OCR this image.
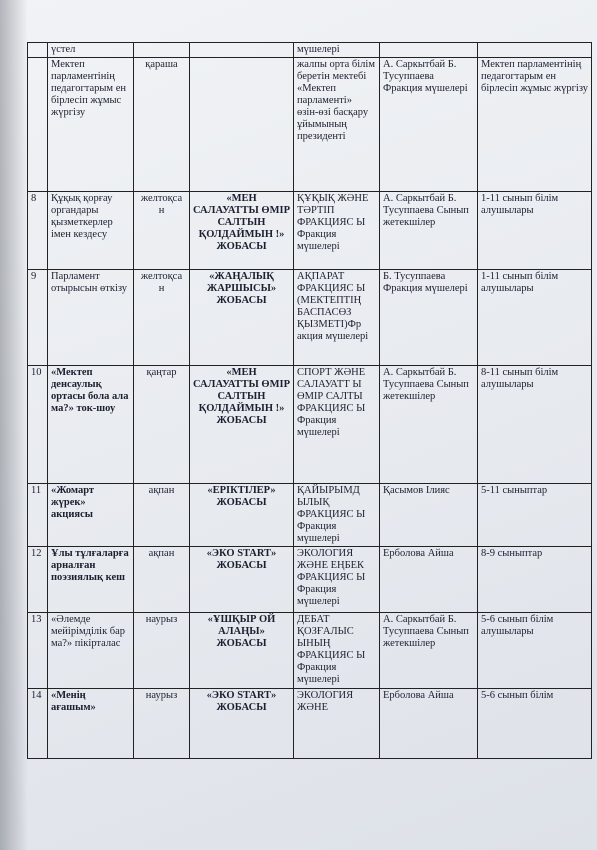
	үстел			мүшелері		
	Мектеп парламентінің педагогтарым ен бірлесіп жұмыс жүргізу	қараша		жалпы орта білім беретін мектебі «Мектеп парламенті» өзін-өзі басқару ұйымының президенті	А. Саркытбай Б. Тусуппаева Фракция мүшелері	Мектеп парламентінің педагогтарым ен бірлесіп жұмыс жүргізу
8	Құқық қорғау органдары қызметкерлер імен кездесу	желтоқса н	«МЕН САЛАУАТТЫ ӨМІР САЛТЫН ҚОЛДАЙМЫН !» ЖОБАСЫ	ҚҰҚЫҚ ЖӘНЕ ТӘРТІП ФРАКЦИЯС Ы Фракция мүшелері	А. Саркытбай Б. Тусуппаева Сынып жетекшілер	1-11 сынып білім алушылары
9	Парламент отырысын өткізу	желтоқса н	«ЖАҢАЛЫҚ ЖАРШЫСЫ» ЖОБАСЫ	АҚПАРАТ ФРАКЦИЯС Ы (МЕКТЕПТІҢ БАСПАСӨЗ ҚЫЗМЕТІ)Фр акция мүшелері	Б. Тусуппаева Фракция мүшелері	1-11 сынып білім алушылары
10	«Мектеп денсаулық ортасы бола ала ма?» ток-шоу	қаңтар	«МЕН САЛАУАТТЫ ӨМІР САЛТЫН ҚОЛДАЙМЫН !» ЖОБАСЫ	СПОРТ ЖӘНЕ САЛАУАТТ Ы ӨМІР САЛТЫ ФРАКЦИЯС Ы Фракция мүшелері	А. Саркытбай Б. Тусуппаева Сынып жетекшілер	8-11 сынып білім алушылары
11	«Жомарт жүрек» акциясы	ақпан	«ЕРІКТІЛЕР» ЖОБАСЫ	ҚАЙЫРЫМД ЫЛЫҚ ФРАКЦИЯС Ы Фракция мүшелері	Қасымов Ілияс	5-11 сыныптар
12	Ұлы тұлғаларға арналған поэзиялық кеш	ақпан	«ЭКО START» ЖОБАСЫ	ЭКОЛОГИЯ ЖӘНЕ ЕҢБЕК ФРАКЦИЯС Ы Фракция мүшелері	Ерболова Айша	8-9 сыныптар
13	«Әлемде мейірімділік бар ма?» пікірталас	наурыз	«ҰШҚЫР ОЙ АЛАҢЫ» ЖОБАСЫ	ДЕБАТ ҚОЗҒАЛЫС ЫНЫҢ ФРАКЦИЯС Ы Фракция мүшелері	А. Саркытбай Б. Тусуппаева Сынып жетекшілер	5-6 сынып білім алушылары
14	«Менің ағашым»	наурыз	«ЭКО START» ЖОБАСЫ	ЭКОЛОГИЯ ЖӘНЕ	Ерболова Айша	5-6 сынып білім
